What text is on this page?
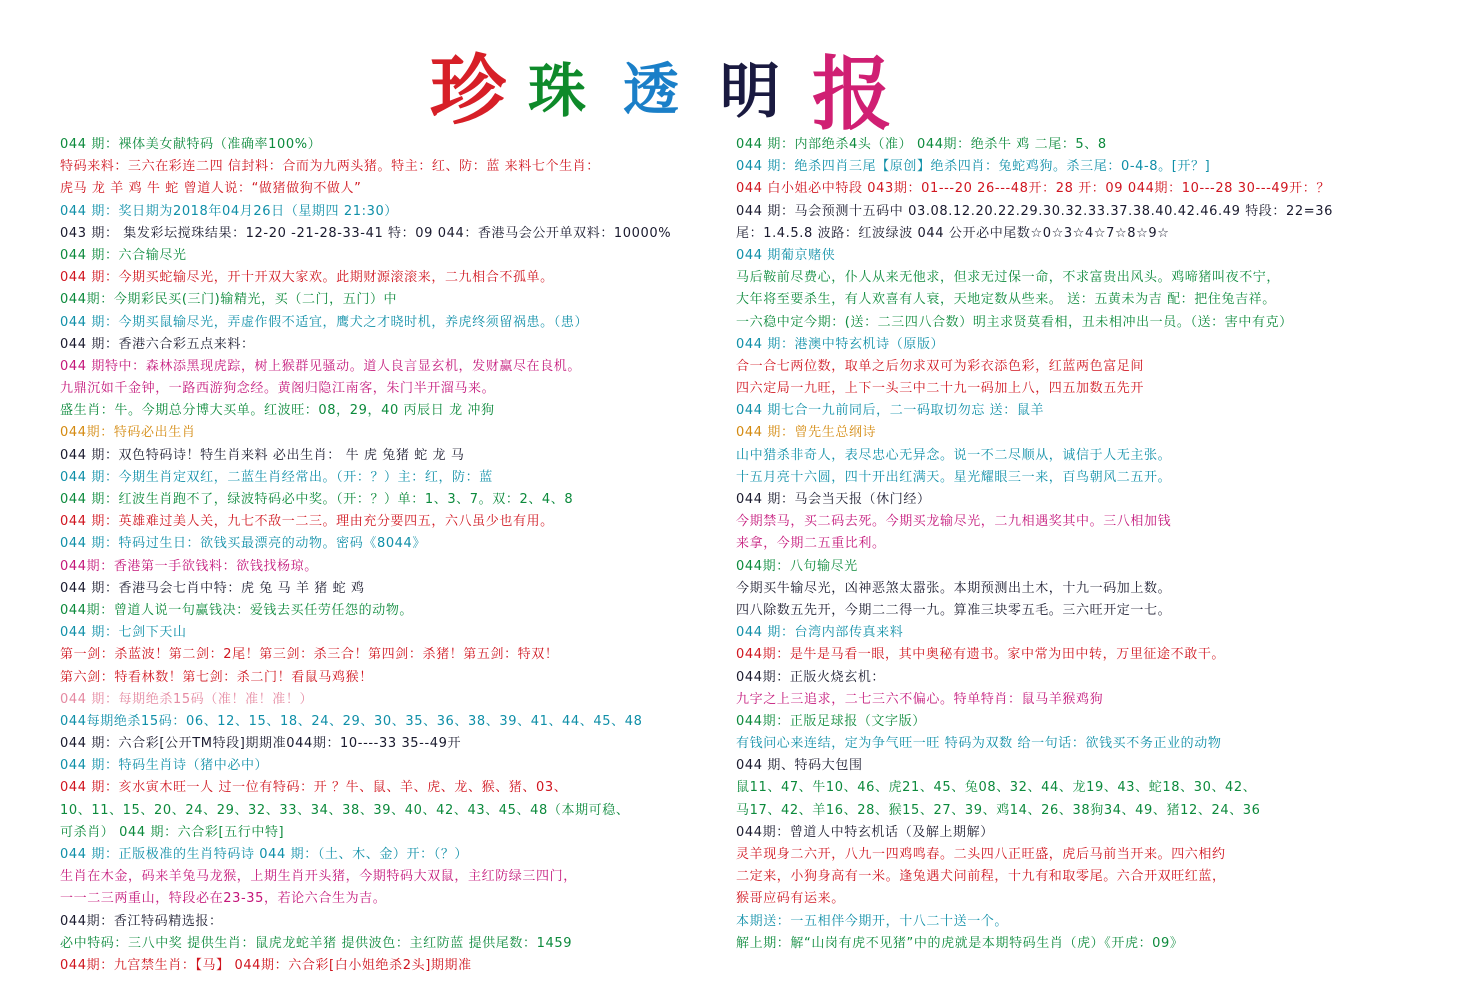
珍 珠 透 明 报
044 期：裸体美女献特码（准确率100%）
特码来料：三六在彩连二四 信封料：合而为九两头猪。特主：红、防：蓝 来料七个生肖：
虎马 龙 羊 鸡 牛 蛇 曾道人说：“做猪做狗不做人”
044 期：奖日期为2018年04月26日（星期四 21:30）
043 期： 集发彩坛搅珠结果：12-20 -21-28-33-41 特：09 044：香港马会公开单双料：10000%
044 期：六合输尽光
044 期：今期买蛇输尽光，开十开双大家欢。此期财源滚滚来，二九相合不孤单。
044期：今期彩民买(三门)输精光，买（二门，五门）中
044 期：今期买鼠输尽光，弄虚作假不适宜，鹰犬之才晓时机，养虎终须留祸患。（患）
044 期：香港六合彩五点来料：
044 期特中：森林添黑现虎踪，树上猴群见骚动。道人良言显玄机，发财赢尽在良机。
九鼎沉如千金钟，一路西游狗念经。黄阁归隐江南客，朱门半开溜马来。
盛生肖：牛。今期总分博大买单。红波旺：08，29，40 丙辰日 龙 冲狗
044期：特码必出生肖
044 期：双色特码诗！特生肖来料 必出生肖： 牛 虎 兔猪 蛇 龙 马
044 期：今期生肖定双红，二蓝生肖经常出。（开：？）主：红，防：蓝
044 期：红波生肖跑不了，绿波特码必中奖。（开：？）单：1、3、7。双：2、4、8
044 期：英雄难过美人关，九七不敌一二三。理由充分要四五，六八虽少也有用。
044 期：特码过生日：欲钱买最漂亮的动物。密码《8044》
044期：香港第一手欲钱料：欲钱找杨琼。
044 期：香港马会七肖中特：虎 兔 马 羊 猪 蛇 鸡
044期：曾道人说一句赢钱决：爱钱去买任劳任怨的动物。
044 期：七剑下天山
第一剑：杀蓝波！第二剑：2尾！第三剑：杀三合！第四剑：杀猪！第五剑：特双！
第六剑：特看林数！第七剑：杀二门！看鼠马鸡猴！
044 期：每期绝杀15码（准！准！准！）
044每期绝杀15码：06、12、15、18、24、29、30、35、36、38、39、41、44、45、48
044 期：六合彩[公开TM特段]期期准044期：10----33 35--49开
044 期：特码生肖诗（猪中必中）
044 期：亥水寅木旺一人 过一位有特码：开 ？牛、鼠、羊、虎、龙、猴、猪、03、
10、11、15、20、24、29、32、33、34、38、39、40、42、43、45、48（本期可稳、
可杀肖） 044 期：六合彩[五行中特]
044 期：正版极准的生肖特码诗 044 期：（土、木、金）开：（？）
生肖在木金，码来羊兔马龙猴，上期生肖开头猪，今期特码大双鼠，主红防绿三四门，
一一二三两重山，特段必在23-35，若论六合生为吉。
044期：香江特码精选报：
必中特码：三八中奖 提供生肖：鼠虎龙蛇羊猪 提供波色：主红防蓝 提供尾数：1459
044期：九宫禁生肖：【马】 044期：六合彩[白小姐绝杀2头]期期准
044 期：内部绝杀4头（准） 044期：绝杀牛 鸡 二尾：5、8
044 期：绝杀四肖三尾【原创】绝杀四肖：兔蛇鸡狗。杀三尾：0-4-8。[开？]
044 白小姐必中特段 043期：01---20 26---48开：28 开：09 044期：10---28 30---49开：？
044 期：马会预测十五码中 03.08.12.20.22.29.30.32.33.37.38.40.42.46.49 特段：22=36
尾：1.4.5.8 波路：红波绿波 044 公开必中尾数☆0☆3☆4☆7☆8☆9☆
044 期葡京赌侠
马后鞍前尽费心，仆人从来无他求，但求无过保一命，不求富贵出风头。鸡啼猪叫夜不宁，
大年将至要杀生，有人欢喜有人衰，天地定数从些来。 送：五黄未为吉 配：把住兔吉祥。
一六稳中定今期：(送：二三四八合数）明主求贤莫看相，丑未相冲出一员。（送：害中有克）
044 期：港澳中特玄机诗（原版）
合一合七两位数，取单之后勿求双可为彩衣添色彩，红蓝两色富足间
四六定局一九旺，上下一头三中二十九一码加上八，四五加数五先开
044 期七合一九前同后，二一码取切勿忘 送：鼠羊
044 期：曾先生总纲诗
山中猎杀非奇人，表尽忠心无异念。说一不二尽顺从，诚信于人无主张。
十五月亮十六圆，四十开出红满天。星光耀眼三一来，百鸟朝风二五开。
044 期：马会当天报（休门经）
今期禁马，买二码去死。今期买龙输尽光，二九相遇奖其中。三八相加钱
来拿，今期二五重比利。
044期：八句输尽光
今期买牛输尽光，凶神恶煞太嚣张。本期预测出土木，十九一码加上数。
四八除数五先开，今期二二得一九。算准三块零五毛。三六旺开定一七。
044 期：台湾内部传真来料
044期：是牛是马看一眼，其中奥秘有遗书。家中常为田中转，万里征途不敢干。
044期：正版火烧玄机：
九字之上三追求，二七三六不偏心。特单特肖：鼠马羊猴鸡狗
044期：正版足球报（文字版）
有钱问心来连结，定为争气旺一旺 特码为双数 给一句话：欲钱买不务正业的动物
044 期、特码大包围
鼠11、47、牛10、46、虎21、45、兔08、32、44、龙19、43、蛇18、30、42、
马17、42、羊16、28、猴15、27、39、鸡14、26、38狗34、49、猪12、24、36
044期：曾道人中特玄机话（及解上期解）
灵羊现身二六开，八九一四鸡鸣春。二头四八正旺盛，虎后马前当开来。四六相约
二定来，小狗身高有一米。逢兔遇犬问前程，十九有和取零尾。六合开双旺红蓝，
猴哥应码有运来。
本期送：一五相伴今期开，十八二十送一个。
解上期：解“山岗有虎不见猪”中的虎就是本期特码生肖（虎）《开虎：09》
